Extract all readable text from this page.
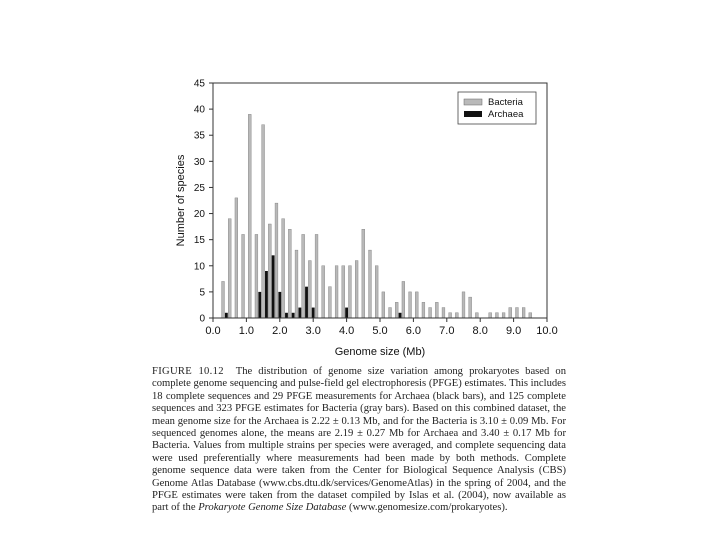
0
5
10
15
20
25
30
35
40
45
0.0 1.0 2.0 3.0 4.0 5.0 6.0 7.0 8.0 9.0 10.0
Number of species
Genome size (Mb)
Bacteria
Archaea

FIGURE 10.12 The distribution of genome size variation among prokaryotes based on complete genome sequencing and pulse-field gel electrophoresis (PFGE) estimates. This includes 18 complete sequences and 29 PFGE measurements for Archaea (black bars), and 125 complete sequences and 323 PFGE estimates for Bacteria (gray bars). Based on this combined dataset, the mean genome size for the Archaea is 2.22 ± 0.13 Mb, and for the Bacteria is 3.10 ± 0.09 Mb. For sequenced genomes alone, the means are 2.19 ± 0.27 Mb for Archaea and 3.40 ± 0.17 Mb for Bacteria. Values from multiple strains per species were averaged, and complete sequencing data were used preferentially where measurements had been made by both methods. Complete genome sequence data were taken from the Center for Biological Sequence Analysis (CBS) Genome Atlas Database (www.cbs.dtu.dk/services/GenomeAtlas) in the spring of 2004, and the PFGE estimates were taken from the dataset compiled by Islas et al. (2004), now available as part of the Prokaryote Genome Size Database (www.genomesize.com/prokaryotes).
